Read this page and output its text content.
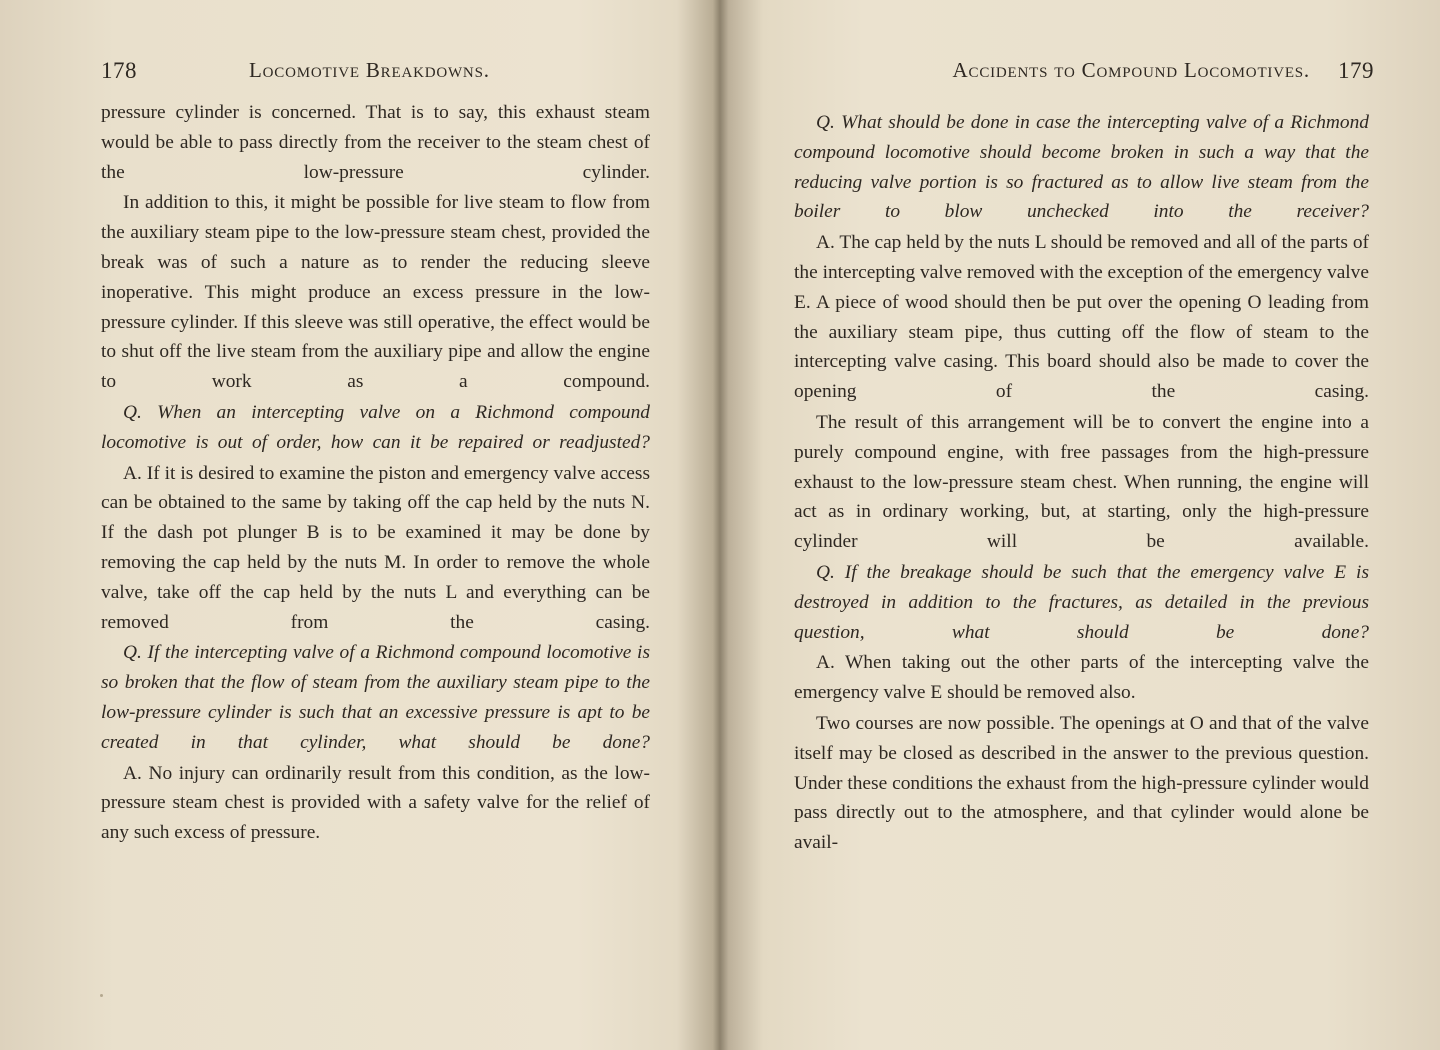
178	Locomotive Breakdowns.

pressure cylinder is concerned. That is to say, this exhaust steam would be able to pass directly from the receiver to the steam chest of the low-pressure cylinder.

In addition to this, it might be possible for live steam to flow from the auxiliary steam pipe to the low-pressure steam chest, provided the break was of such a nature as to render the reducing sleeve inoperative. This might produce an excess pressure in the low-pressure cylinder. If this sleeve was still operative, the effect would be to shut off the live steam from the auxiliary pipe and allow the engine to work as a compound.

Q. When an intercepting valve on a Richmond compound locomotive is out of order, how can it be repaired or readjusted?

A. If it is desired to examine the piston and emergency valve access can be obtained to the same by taking off the cap held by the nuts N. If the dash pot plunger B is to be examined it may be done by removing the cap held by the nuts M. In order to remove the whole valve, take off the cap held by the nuts L and everything can be removed from the casing.

Q. If the intercepting valve of a Richmond compound locomotive is so broken that the flow of steam from the auxiliary steam pipe to the low-pressure cylinder is such that an excessive pressure is apt to be created in that cylinder, what should be done?

A. No injury can ordinarily result from this condition, as the low-pressure steam chest is provided with a safety valve for the relief of any such excess of pressure.

Accidents to Compound Locomotives. 179

Q. What should be done in case the intercepting valve of a Richmond compound locomotive should become broken in such a way that the reducing valve portion is so fractured as to allow live steam from the boiler to blow unchecked into the receiver?

A. The cap held by the nuts L should be removed and all of the parts of the intercepting valve removed with the exception of the emergency valve E. A piece of wood should then be put over the opening O leading from the auxiliary steam pipe, thus cutting off the flow of steam to the intercepting valve casing. This board should also be made to cover the opening of the casing.

The result of this arrangement will be to convert the engine into a purely compound engine, with free passages from the high-pressure exhaust to the low-pressure steam chest. When running, the engine will act as in ordinary working, but, at starting, only the high-pressure cylinder will be available.

Q. If the breakage should be such that the emergency valve E is destroyed in addition to the fractures, as detailed in the previous question, what should be done?

A. When taking out the other parts of the intercepting valve the emergency valve E should be removed also.

Two courses are now possible. The openings at O and that of the valve itself may be closed as described in the answer to the previous question. Under these conditions the exhaust from the high-pressure cylinder would pass directly out to the atmosphere, and that cylinder would alone be avail-
